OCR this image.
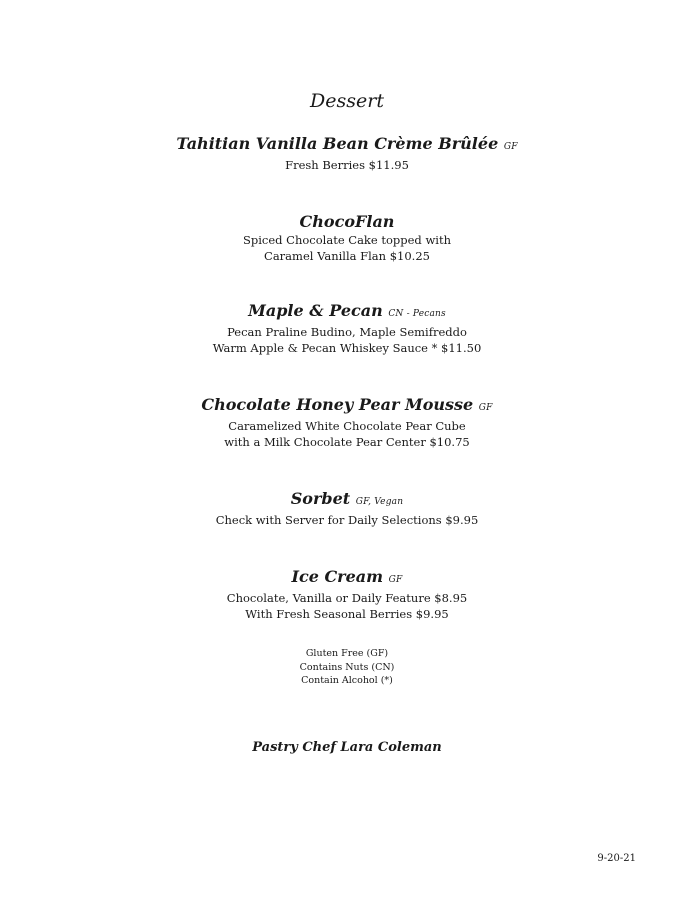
Dessert
Tahitian Vanilla Bean Crème Brûlée GF
Fresh Berries $11.95
ChocoFlan
Spiced Chocolate Cake topped with
Caramel Vanilla Flan $10.25
Maple & Pecan CN - Pecans
Pecan Praline Budino, Maple Semifreddo
Warm Apple & Pecan Whiskey Sauce * $11.50
Chocolate Honey Pear Mousse GF
Caramelized White Chocolate Pear Cube
with a Milk Chocolate Pear Center $10.75
Sorbet GF, Vegan
Check with Server for Daily Selections $9.95
Ice Cream GF
Chocolate, Vanilla or Daily Feature $8.95
With Fresh Seasonal Berries $9.95
Gluten Free (GF)
Contains Nuts (CN)
Contain Alcohol (*)
Pastry Chef Lara Coleman
9-20-21
